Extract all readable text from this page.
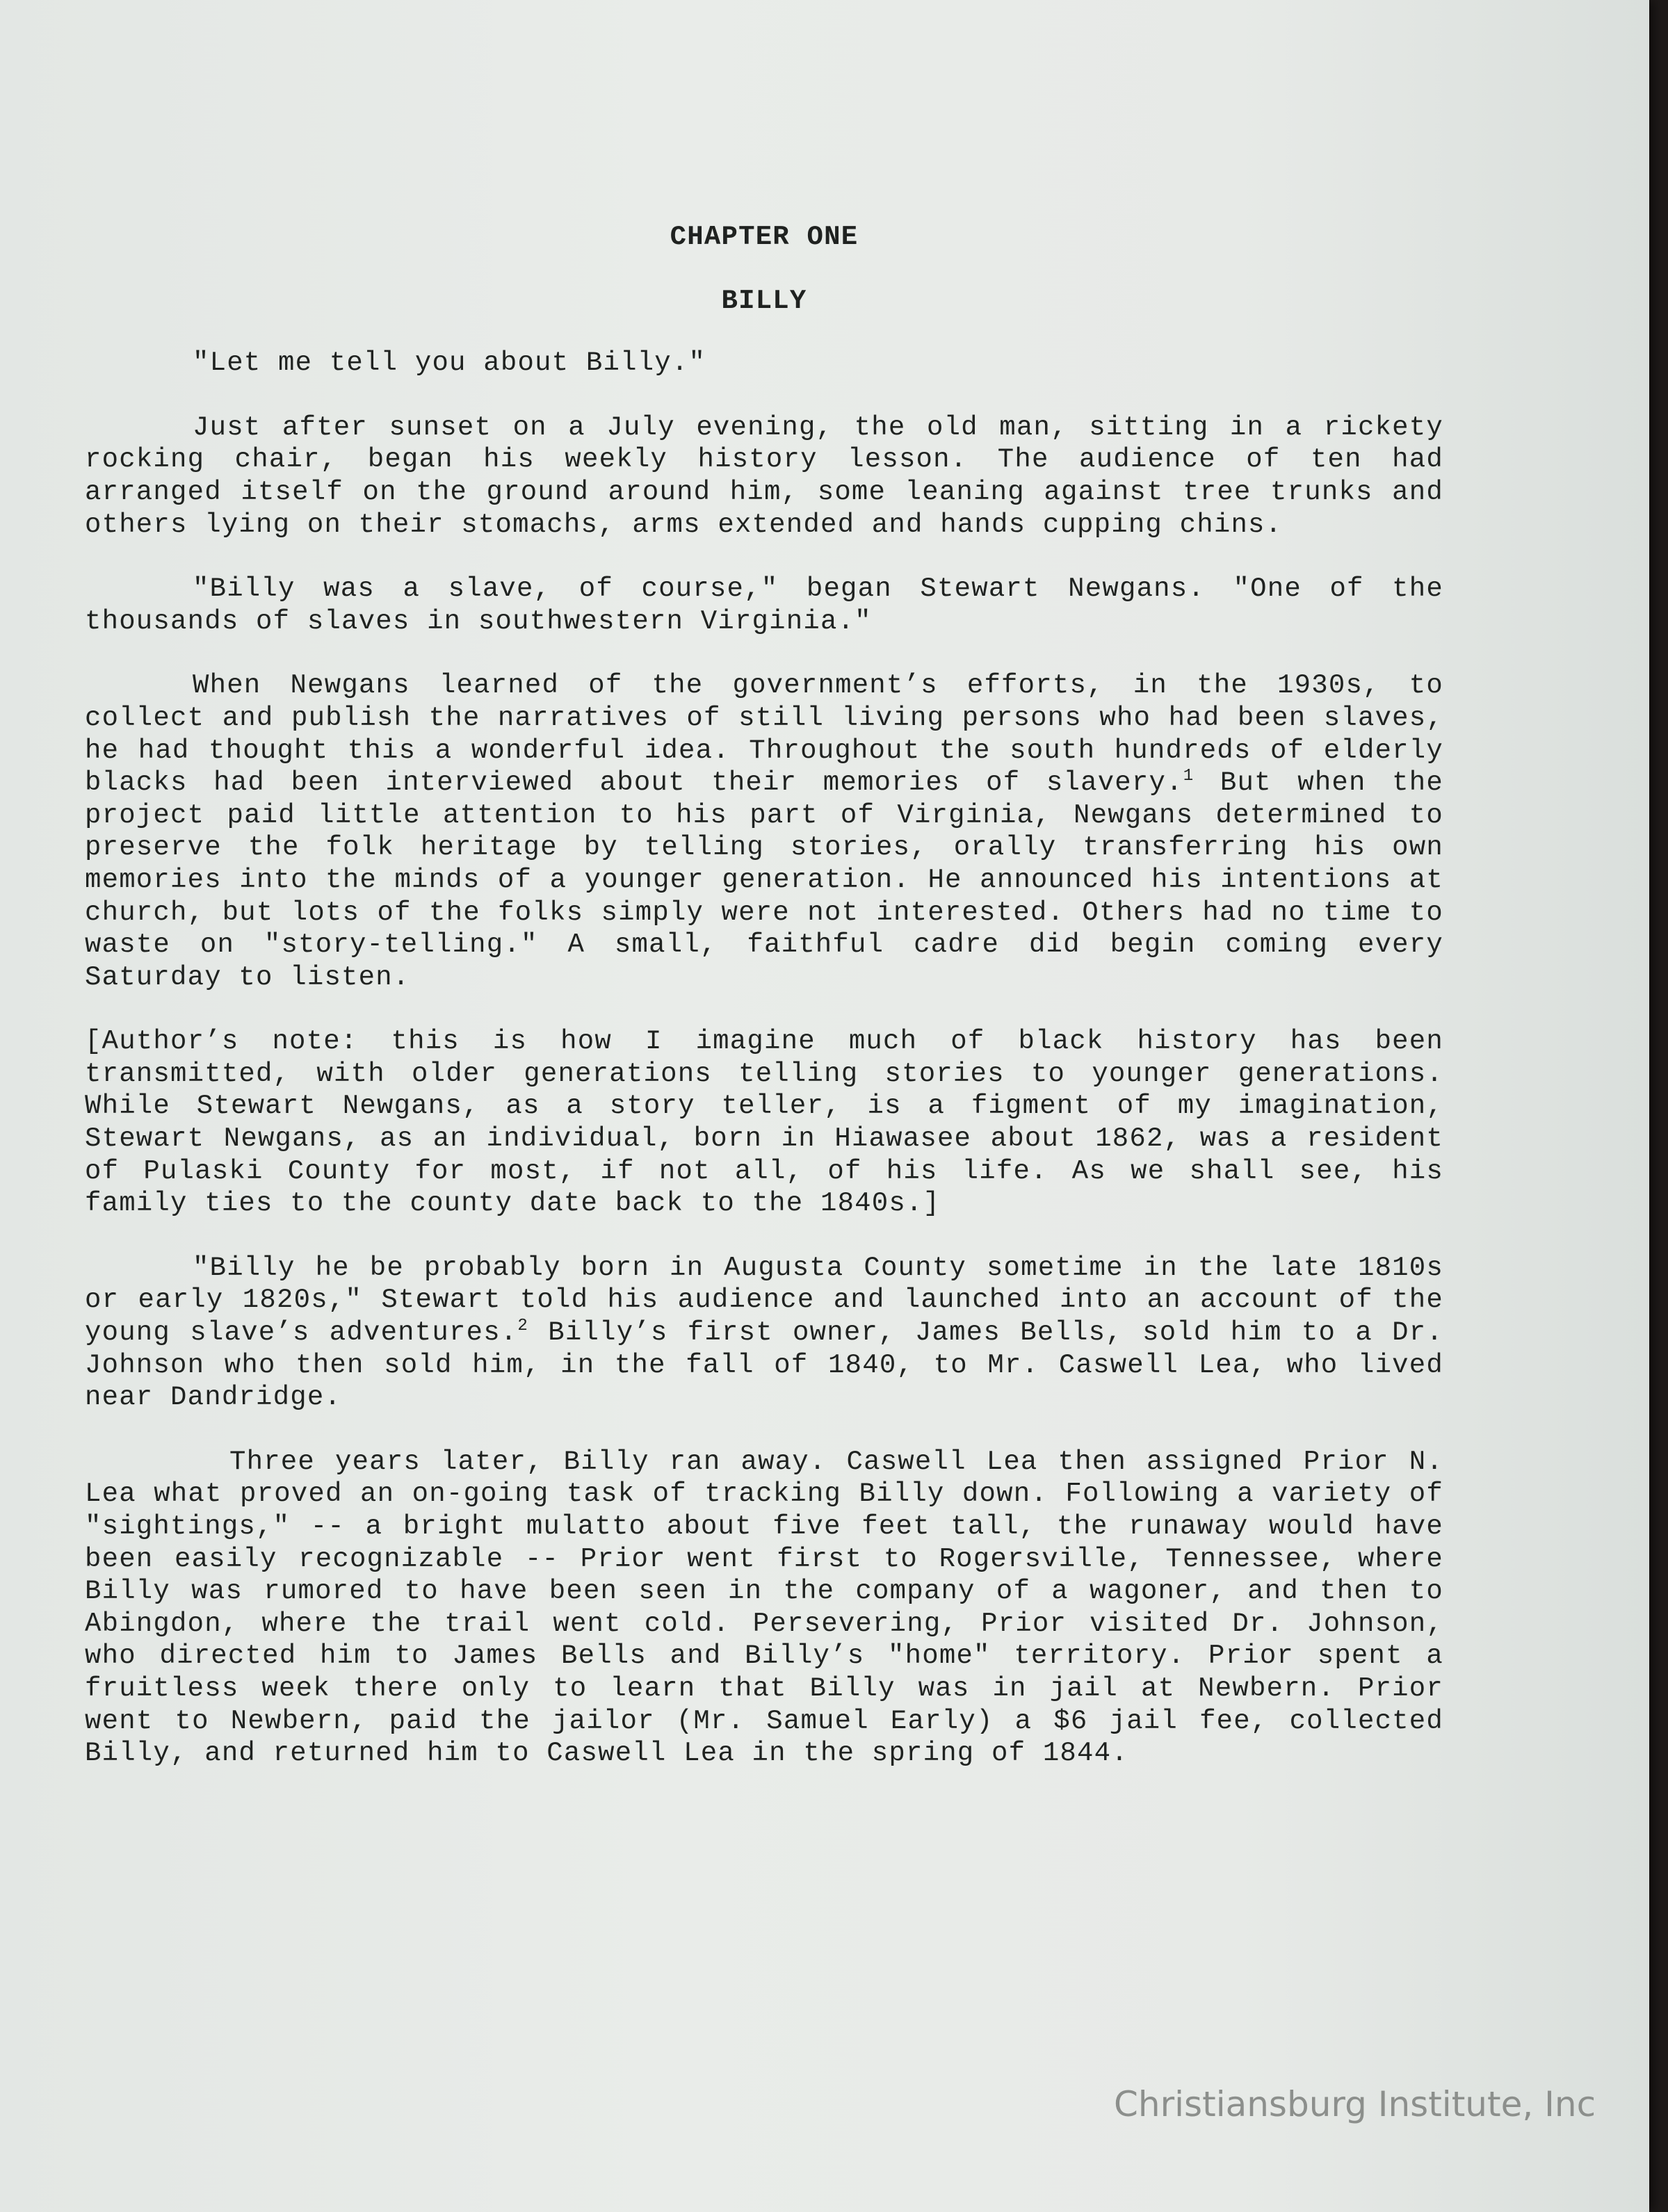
CHAPTER ONE
BILLY

"Let me tell you about Billy."

Just after sunset on a July evening, the old man, sitting in a rickety rocking chair, began his weekly history lesson. The audience of ten had arranged itself on the ground around him, some leaning against tree trunks and others lying on their stomachs, arms extended and hands cupping chins.

"Billy was a slave, of course," began Stewart Newgans. "One of the thousands of slaves in southwestern Virginia."

When Newgans learned of the government’s efforts, in the 1930s, to collect and publish the narratives of still living persons who had been slaves, he had thought this a wonderful idea. Throughout the south hundreds of elderly blacks had been interviewed about their memories of slavery.$^1$ But when the project paid little attention to his part of Virginia, Newgans determined to preserve the folk heritage by telling stories, orally transferring his own memories into the minds of a younger generation. He announced his intentions at church, but lots of the folks simply were not interested. Others had no time to waste on "story-telling." A small, faithful cadre did begin coming every Saturday to listen.

[Author’s note: this is how I imagine much of black history has been transmitted, with older generations telling stories to younger generations. While Stewart Newgans, as a story teller, is a figment of my imagination, Stewart Newgans, as an individual, born in Hiawasee about 1862, was a resident of Pulaski County for most, if not all, of his life. As we shall see, his family ties to the county date back to the 1840s.]

"Billy he be probably born in Augusta County sometime in the late 1810s or early 1820s," Stewart told his audience and launched into an account of the young slave’s adventures.$^2$ Billy’s first owner, James Bells, sold him to a Dr. Johnson who then sold him, in the fall of 1840, to Mr. Caswell Lea, who lived near Dandridge.

Three years later, Billy ran away. Caswell Lea then assigned Prior N. Lea what proved an on-going task of tracking Billy down. Following a variety of "sightings," -- a bright mulatto about five feet tall, the runaway would have been easily recognizable -- Prior went first to Rogersville, Tennessee, where Billy was rumored to have been seen in the company of a wagoner, and then to Abingdon, where the trail went cold. Persevering, Prior visited Dr. Johnson, who directed him to James Bells and Billy’s "home" territory. Prior spent a fruitless week there only to learn that Billy was in jail at Newbern. Prior went to Newbern, paid the jailor (Mr. Samuel Early) a $6 jail fee, collected Billy, and returned him to Caswell Lea in the spring of 1844.

Christiansburg Institute, Inc
